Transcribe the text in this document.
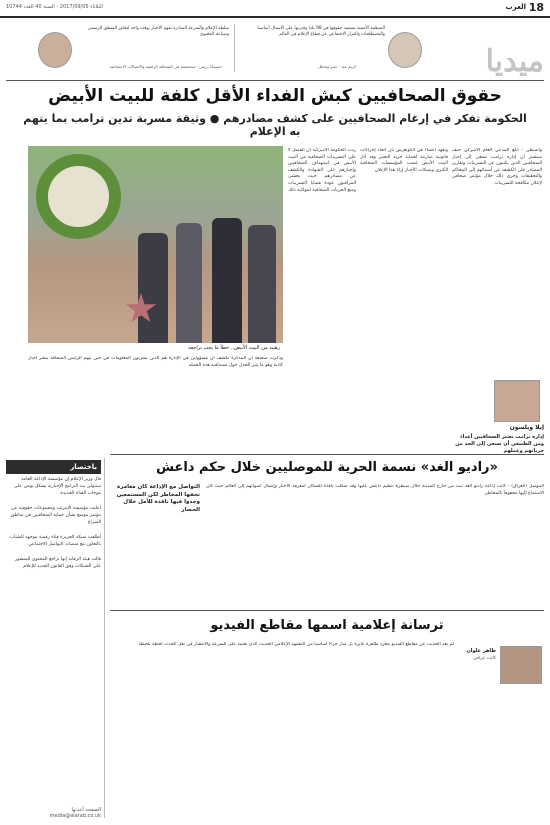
18
العرب
الثلاثاء 2017/09/05 - السنة 40 العدد 10744
ميديا
المنظمة الأممية تستعيد حقوقها في 98 بلدا وقدرتها على الاتصال أساسيا والمصطلحات والقرار الاجتماعي عن قطاع الإعلام في العالم
كريم عبد · خبير ومحلل
سلطة الإعلام والسرعة المبادرة تفهم الأخبار بوقت واحد لتجاوز المنطق الرسمي وصناعة المحتوى
جيسيكا بريس · متخصصة في الصحافة الرقمية والاتصالات الاجتماعية
حقوق الصحافيين كبش الفداء الأقل كلفة للبيت الأبيض
الحكومة تفكر في إرغام الصحافيين على كشف مصادرهم ● وثيقة مسربة تدين ترامب بما يتهم به الإعلام
★
رهينة من البيت الأبيض.. خطأ ما يجب تراجعه
واشنطن - أبلغ المدعي العام الأميركي جيف سيشنز أن إدارة ترامب تسعى إلى إجبار الصحافيين الذين يكتبون عن التسريبات وتقارير المصادر على الكشف عن أسمائهم إلى المحاكم والتحقيقات وجرى ذلك خلال مؤتمر صحافي لإعلان مكافحة التسريبات
وتعهد أعضاء في الكونغرس بأن اتخاذ إجراءات قانونية صارمة لحماية حرية التعبير وقد أثار البيت الأبيض غضب المؤسسات الصحافية الكبرى وشبكات الأخبار إزاء هذا الإعلان
ردت الحكومة الأميركية أن الفضل لا على التسريبات الصحافية من البيت الأبيض في استهداف الصحافيين وإجبارهم على الشهادة والكشف عن مصادرهم حيث يخشى المراقبون عودة قضايا التسريبات ومنع الحريات الصحافية لمواكبة ذلك
وذكرت صحيفة أن المذكرة تكشف أن مسؤولين في الإدارة هم الذين يسربون المعلومات في حين يتهم الرئيس الصحافة بنشر أخبار كاذبة وهو ما يثير الجدل حول مصداقية هذه الحملة
إيلا ويلسون
إدارة ترامب تعتبر الصحافيين أعداء ومن الطبيعي أن تسعى إلى الحد من حرياتهم وعملهم
باختصار

قال وزير الإعلام إن مؤسسة الإذاعة العامة ستتولى بث البرامج الإخبارية بشكل يومي على موجات القناة الجديدة

أعلنت مؤسسة الإنترنت ومجموعات حقوقية عن مؤتمر موسع بشأن حماية الصحافيين في مناطق الصراع

أطلقت شبكة الجزيرة قناة رقمية موجهة للشباب بالتعاون مع منصات التواصل الاجتماعي

قالت هيئة الرقابة إنها تراجع المحتوى المنشور على الشبكات وفق القانون الجديد للإعلام

الصفحة أعدتها
media@alarab.co.uk
«راديو الغد» نسمة الحرية للموصليين خلال حكم داعش
التواصل مع الإذاعة كان مغامرة تحفها المخاطر لكن المستمعين وجدوا فيها نافذة للأمل خلال الحصار
الموصل (العراق) - كانت إذاعة راديو الغد تبث من خارج المدينة خلال سيطرة تنظيم داعش عليها وقد شكلت نافذة للسكان لمعرفة الأخبار وإيصال أصواتهم إلى العالم حيث كان الاستماع إليها محفوفا بالمخاطر
ترسانة إعلامية اسمها مقاطع الفيديو
طاهر علوان
كاتب عراقي
لم يعد الحديث عن مقاطع الفيديو مجرد ظاهرة عابرة بل صار جزءا أساسيا من المشهد الإعلامي الحديث الذي يعتمد على السرعة والانتشار في نقل الحدث لحظة بلحظة
